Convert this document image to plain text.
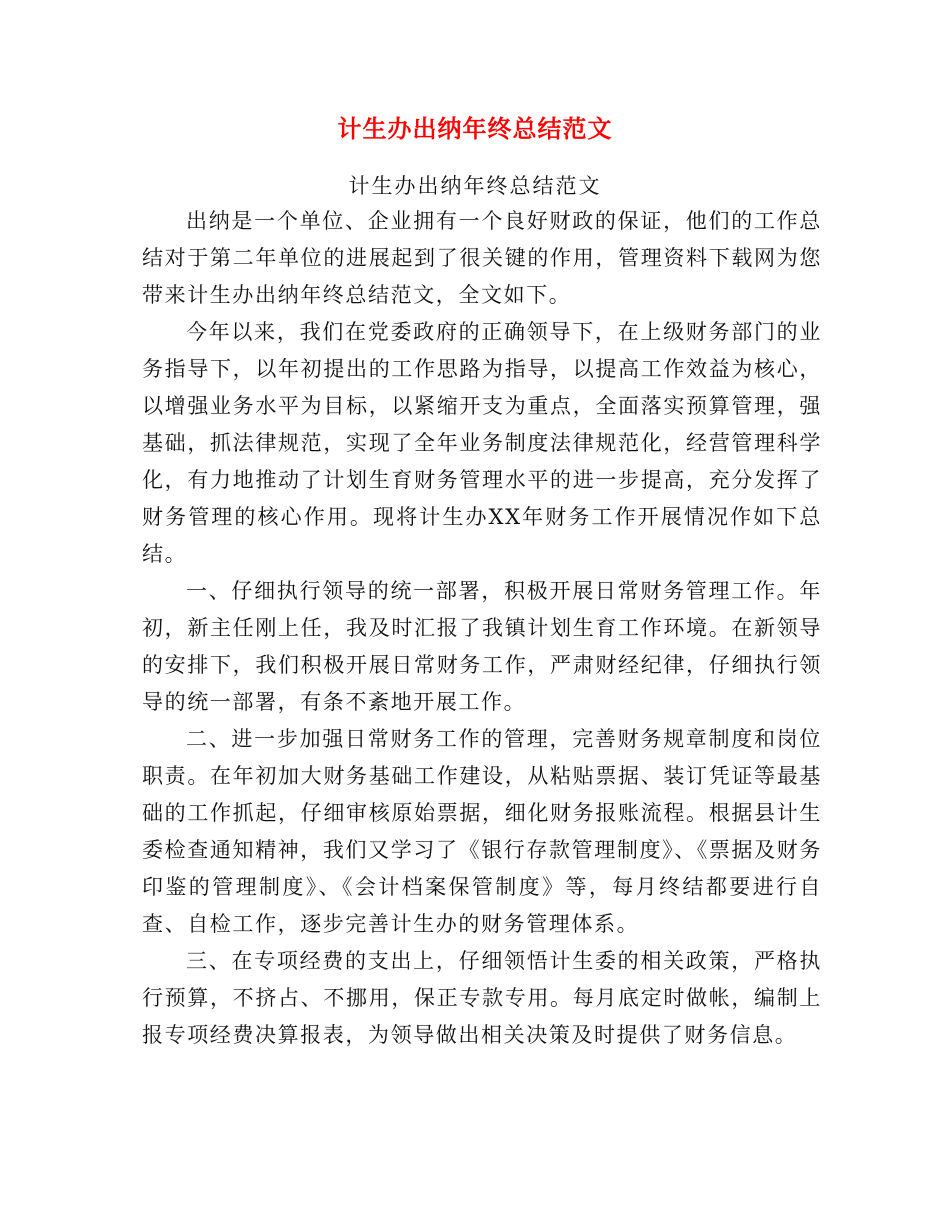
计生办出纳年终总结范文
计生办出纳年终总结范文

出纳是一个单位、企业拥有一个良好财政的保证，他们的工作总结对于第二年单位的进展起到了很关键的作用，管理资料下载网为您带来计生办出纳年终总结范文，全文如下。

今年以来，我们在党委政府的正确领导下，在上级财务部门的业务指导下，以年初提出的工作思路为指导，以提高工作效益为核心，以增强业务水平为目标，以紧缩开支为重点，全面落实预算管理，强基础，抓法律规范，实现了全年业务制度法律规范化，经营管理科学化，有力地推动了计划生育财务管理水平的进一步提高，充分发挥了财务管理的核心作用。现将计生办XX年财务工作开展情况作如下总结。

一、仔细执行领导的统一部署，积极开展日常财务管理工作。年初，新主任刚上任，我及时汇报了我镇计划生育工作环境。在新领导的安排下，我们积极开展日常财务工作，严肃财经纪律，仔细执行领导的统一部署，有条不紊地开展工作。

二、进一步加强日常财务工作的管理，完善财务规章制度和岗位职责。在年初加大财务基础工作建设，从粘贴票据、装订凭证等最基础的工作抓起，仔细审核原始票据，细化财务报账流程。根据县计生委检查通知精神，我们又学习了《银行存款管理制度》、《票据及财务印鉴的管理制度》、《会计档案保管制度》等，每月终结都要进行自查、自检工作，逐步完善计生办的财务管理体系。

三、在专项经费的支出上，仔细领悟计生委的相关政策，严格执行预算，不挤占、不挪用，保正专款专用。每月底定时做帐，编制上报专项经费决算报表，为领导做出相关决策及时提供了财务信息。
